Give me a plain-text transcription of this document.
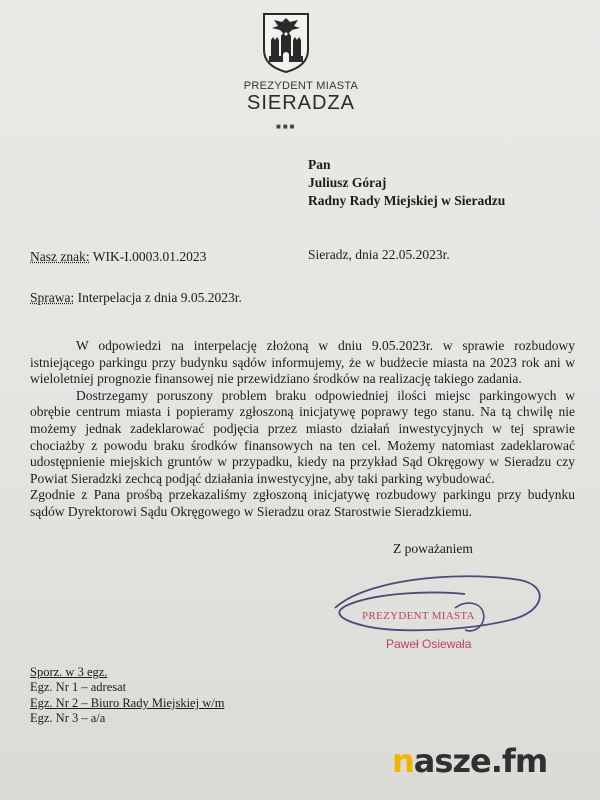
PREZYDENT MIASTA
SIERADZA
■■■
Pan
Juliusz Góraj
Radny Rady Miejskiej w Sieradzu
Nasz znak: WIK-I.0003.01.2023	Sieradz, dnia 22.05.2023r.
Sprawa: Interpelacja z dnia 9.05.2023r.

W odpowiedzi na interpelację złożoną w dniu 9.05.2023r. w sprawie rozbudowy istniejącego parkingu przy budynku sądów informujemy, że w budżecie miasta na 2023 rok ani w wieloletniej prognozie finansowej nie przewidziano środków na realizację takiego zadania.

Dostrzegamy poruszony problem braku odpowiedniej ilości miejsc parkingowych w obrębie centrum miasta i popieramy zgłoszoną inicjatywę poprawy tego stanu. Na tą chwilę nie możemy jednak zadeklarować podjęcia przez miasto działań inwestycyjnych w tej sprawie chociażby z powodu braku środków finansowych na ten cel. Możemy natomiast zadeklarować udostępnienie miejskich gruntów w przypadku, kiedy na przykład Sąd Okręgowy w Sieradzu czy Powiat Sieradzki zechcą podjąć działania inwestycyjne, aby taki parking wybudować.

Zgodnie z Pana prośbą przekazaliśmy zgłoszoną inicjatywę rozbudowy parkingu przy budynku sądów Dyrektorowi Sądu Okręgowego w Sieradzu oraz Starostwie Sieradzkiemu.

Z poważaniem
PREZYDENT MIASTA
Paweł Osiewała
Sporz. w 3 egz.
Egz. Nr 1 – adresat
Egz. Nr 2 – Biuro Rady Miejskiej w/m
Egz. Nr 3 – a/a
nasze.fm
